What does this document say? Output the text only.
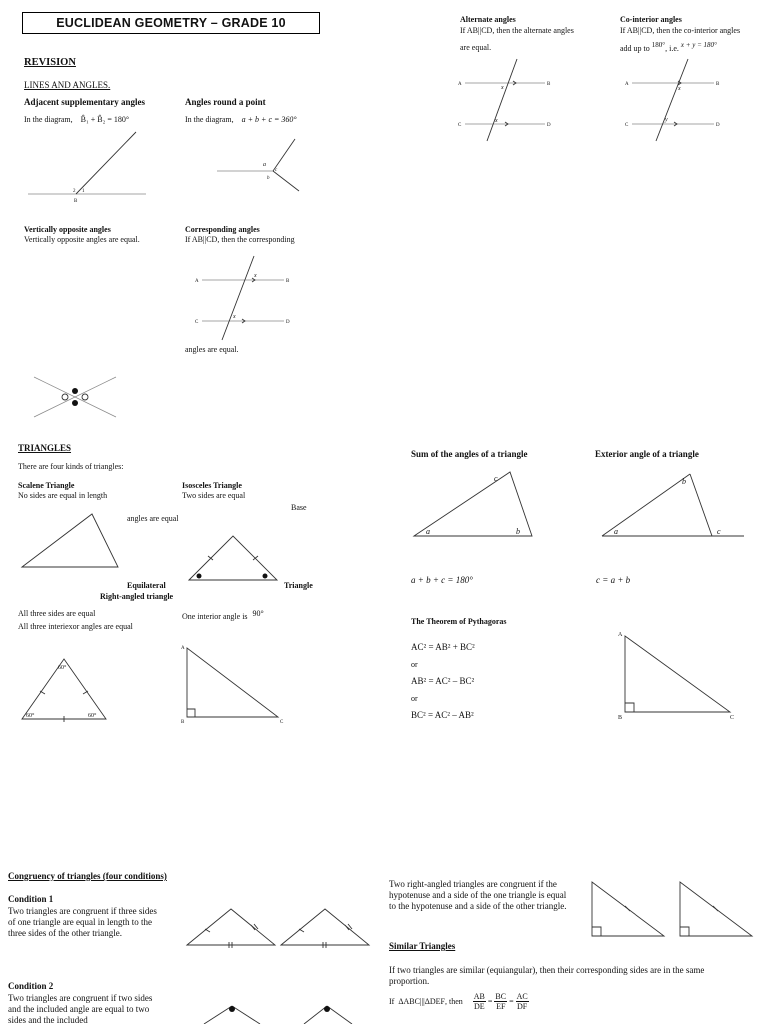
EUCLIDEAN GEOMETRY – GRADE 10
REVISION
LINES AND ANGLES.
Adjacent supplementary angles
In the diagram, B̂₁ + B̂₂ = 180°
2 1
B
Angles round a point
In the diagram, a + b + c = 360°
a
b
c
Alternate angles
If AB||CD, then the alternate angles
are equal.
A	B
C	D
x
x
Co-interior angles
If AB||CD, then the co-interior angles
add up to 180°, i.e. x + y = 180°
A	B
C	D
x
y
Vertically opposite angles
Vertically opposite angles are equal.
Corresponding angles
If AB||CD, then the corresponding
A	B
C	D
x
x
angles are equal.
TRIANGLES
There are four kinds of triangles:
Scalene Triangle
No sides are equal in length
Isosceles Triangle
Two sides are equal
Base
angles are equal
Equilateral	Triangle
Right-angled triangle
All three sides are equal
All three interiexor angles are equal
One interior angle is 90°
60°
60°	60°
A
B	C
Sum of the angles of a triangle
a	b
c
a + b + c = 180°
Exterior angle of a triangle
a
b
c
c = a + b
The Theorem of Pythagoras
AC² = AB² + BC²
or
AB² = AC² – BC²
or
BC² = AC² – AB²
A
B	C
Congruency of triangles (four conditions)
Condition 1
Two triangles are congruent if three sides of one triangle are equal in length to the three sides of the other triangle.
Condition 2
Two triangles are congruent if two sides and the included angle are equal to two sides and the included
Two right-angled triangles are congruent if the hypotenuse and a side of the one triangle is equal to the hypotenuse and a side of the other triangle.
Similar Triangles
If two triangles are similar (equiangular), then their corresponding sides are in the same proportion.
If ΔABC|||ΔDEF , then $\frac{AB}{DE} = \frac{BC}{EF} = \frac{AC}{DF}$
